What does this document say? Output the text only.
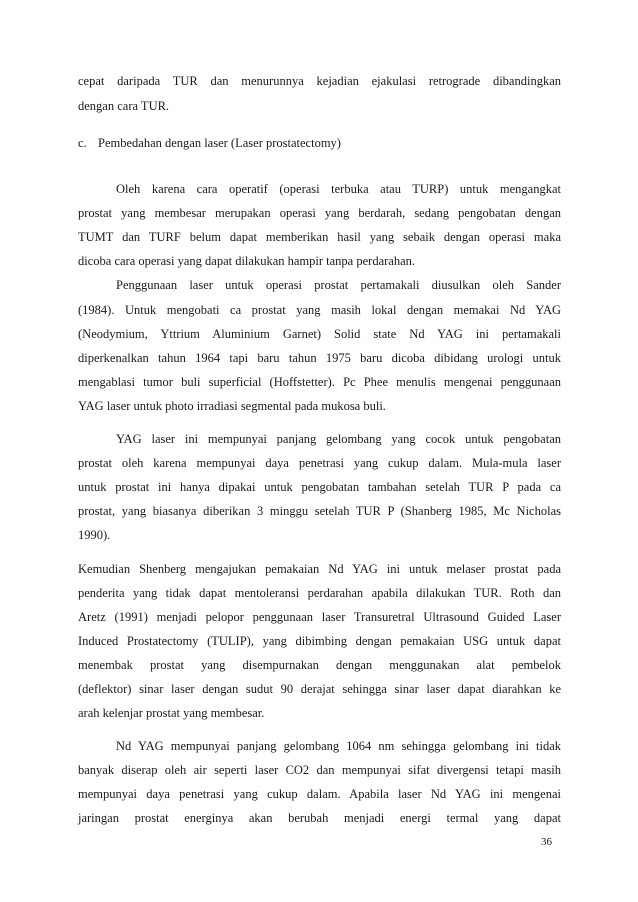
cepat daripada TUR dan menurunnya kejadian ejakulasi retrograde dibandingkan

dengan cara TUR.

c. Pembedahan dengan laser (Laser prostatectomy)

Oleh karena cara operatif (operasi terbuka atau TURP) untuk mengangkat

prostat yang membesar merupakan operasi yang berdarah, sedang pengobatan dengan

TUMT dan TURF belum dapat memberikan hasil yang sebaik dengan operasi maka

dicoba cara operasi yang dapat dilakukan hampir tanpa perdarahan.

Penggunaan laser untuk operasi prostat pertamakali diusulkan oleh Sander

(1984). Untuk mengobati ca prostat yang masih lokal dengan memakai Nd YAG

(Neodymium, Yttrium Aluminium Garnet) Solid state Nd YAG ini pertamakali

diperkenalkan tahun 1964 tapi baru tahun 1975 baru dicoba dibidang urologi untuk

mengablasi tumor buli superficial (Hoffstetter). Pc Phee menulis mengenai penggunaan

YAG laser untuk photo irradiasi segmental pada mukosa buli.

YAG laser ini mempunyai panjang gelombang yang cocok untuk pengobatan

prostat oleh karena mempunyai daya penetrasi yang cukup dalam. Mula-mula laser

untuk prostat ini hanya dipakai untuk pengobatan tambahan setelah TUR P pada ca

prostat, yang biasanya diberikan 3 minggu setelah TUR P (Shanberg 1985, Mc Nicholas

1990).

Kemudian Shenberg mengajukan pemakaian Nd YAG ini untuk melaser prostat pada

penderita yang tidak dapat mentoleransi perdarahan apabila dilakukan TUR. Roth dan

Aretz (1991) menjadi pelopor penggunaan laser Transuretral Ultrasound Guided Laser

Induced Prostatectomy (TULIP), yang dibimbing dengan pemakaian USG untuk dapat

menembak prostat yang disempurnakan dengan menggunakan alat pembelok

(deflektor) sinar laser dengan sudut 90 derajat sehingga sinar laser dapat diarahkan ke

arah kelenjar prostat yang membesar.

Nd YAG mempunyai panjang gelombang 1064 nm sehingga gelombang ini tidak

banyak diserap oleh air seperti laser CO2 dan mempunyai sifat divergensi tetapi masih

mempunyai daya penetrasi yang cukup dalam. Apabila laser Nd YAG ini mengenai

jaringan prostat energinya akan berubah menjadi energi termal yang dapat

36
